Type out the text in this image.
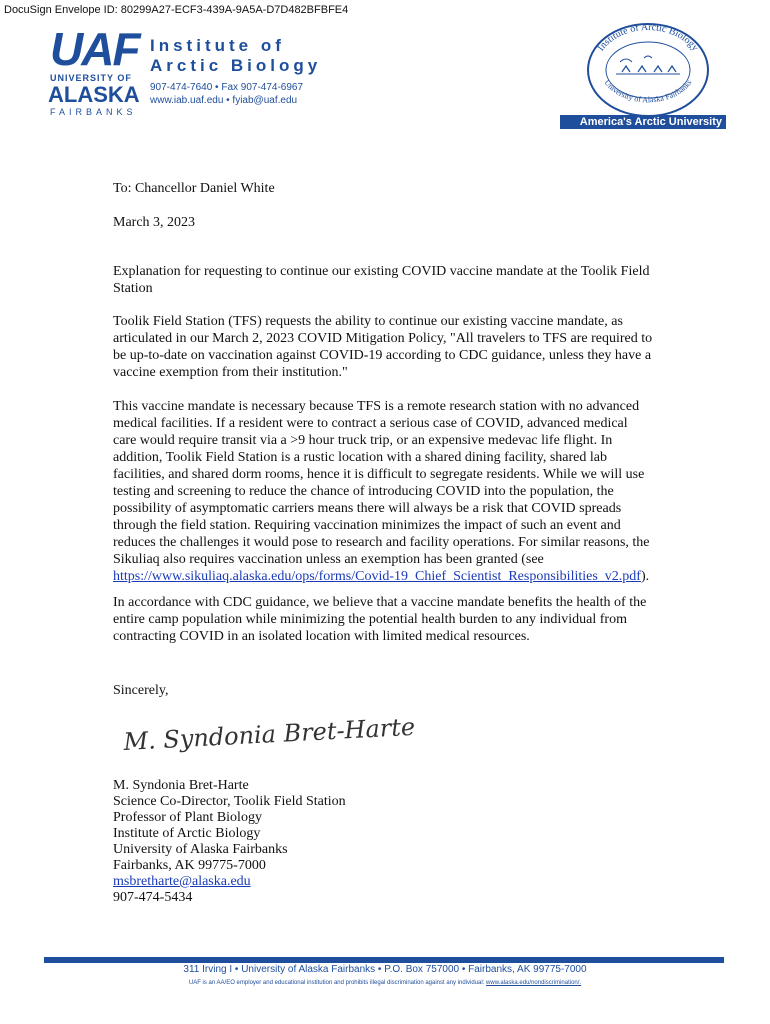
DocuSign Envelope ID: 80299A27-ECF3-439A-9A5A-D7D482BFBFE4
UAF
UNIVERSITY OF
ALASKA
FAIRBANKS
Institute of
Arctic Biology
907-474-7640 • Fax 907-474-6967
www.iab.uaf.edu • fyiab@uaf.edu
Institute of Arctic Biology
University of Alaska Fairbanks
America's Arctic University
To: Chancellor Daniel White
March 3, 2023

Explanation for requesting to continue our existing COVID vaccine mandate at the Toolik Field Station

Toolik Field Station (TFS) requests the ability to continue our existing vaccine mandate, as articulated in our March 2, 2023 COVID Mitigation Policy, "All travelers to TFS are required to be up-to-date on vaccination against COVID-19 according to CDC guidance, unless they have a vaccine exemption from their institution."

This vaccine mandate is necessary because TFS is a remote research station with no advanced medical facilities. If a resident were to contract a serious case of COVID, advanced medical care would require transit via a >9 hour truck trip, or an expensive medevac life flight. In addition, Toolik Field Station is a rustic location with a shared dining facility, shared lab facilities, and shared dorm rooms, hence it is difficult to segregate residents. While we will use testing and screening to reduce the chance of introducing COVID into the population, the possibility of asymptomatic carriers means there will always be a risk that COVID spreads through the field station. Requiring vaccination minimizes the impact of such an event and reduces the challenges it would pose to research and facility operations. For similar reasons, the Sikuliaq also requires vaccination unless an exemption has been granted (see https://www.sikuliaq.alaska.edu/ops/forms/Covid-19_Chief_Scientist_Responsibilities_v2.pdf).

In accordance with CDC guidance, we believe that a vaccine mandate benefits the health of the entire camp population while minimizing the potential health burden to any individual from contracting COVID in an isolated location with limited medical resources.

Sincerely,
M. Syndonia Bret-Harte
M. Syndonia Bret-Harte
Science Co-Director, Toolik Field Station
Professor of Plant Biology
Institute of Arctic Biology
University of Alaska Fairbanks
Fairbanks, AK 99775-7000
msbretharte@alaska.edu
907-474-5434
311 Irving I • University of Alaska Fairbanks • P.O. Box 757000 • Fairbanks, AK 99775-7000
UAF is an AA/EO employer and educational institution and prohibits illegal discrimination against any individual: www.alaska.edu/nondiscrimination/.
